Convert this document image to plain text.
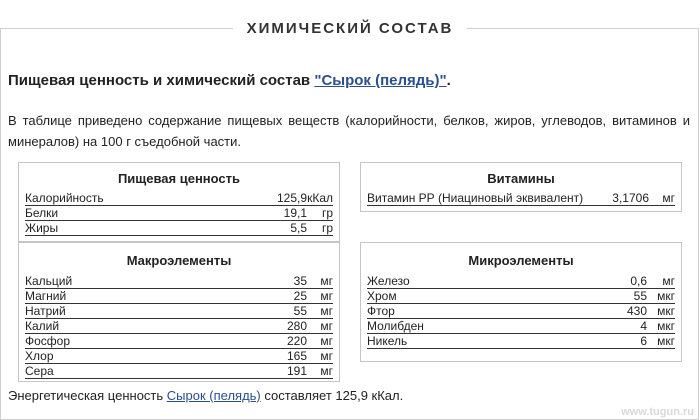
ХИМИЧЕСКИЙ СОСТАВ
Пищевая ценность и химический состав "Сырок (пелядь)".

В таблице приведено содержание пищевых веществ (калорийности, белков, жиров, углеводов, витаминов и минералов) на 100 г съедобной части.

Пищевая ценность
Калорийность	125,9 кКал
Белки	19,1	гр
Жиры	5,5	гр
Витамины
Витамин РР (Ниациновый эквивалент)	3,1706	мг
Макроэлементы
Кальций	35	мг
Магний	25	мг
Натрий	55	мг
Калий	280	мг
Фосфор	220	мг
Хлор	165	мг
Сера	191	мг
Микроэлементы
Железо	0,6	мг
Хром	55 мкг
Фтор	430 мкг
Молибден	4 мкг
Никель	6 мкг

Энергетическая ценность Сырок (пелядь) составляет 125,9 кКал.

www.tugun.ru
